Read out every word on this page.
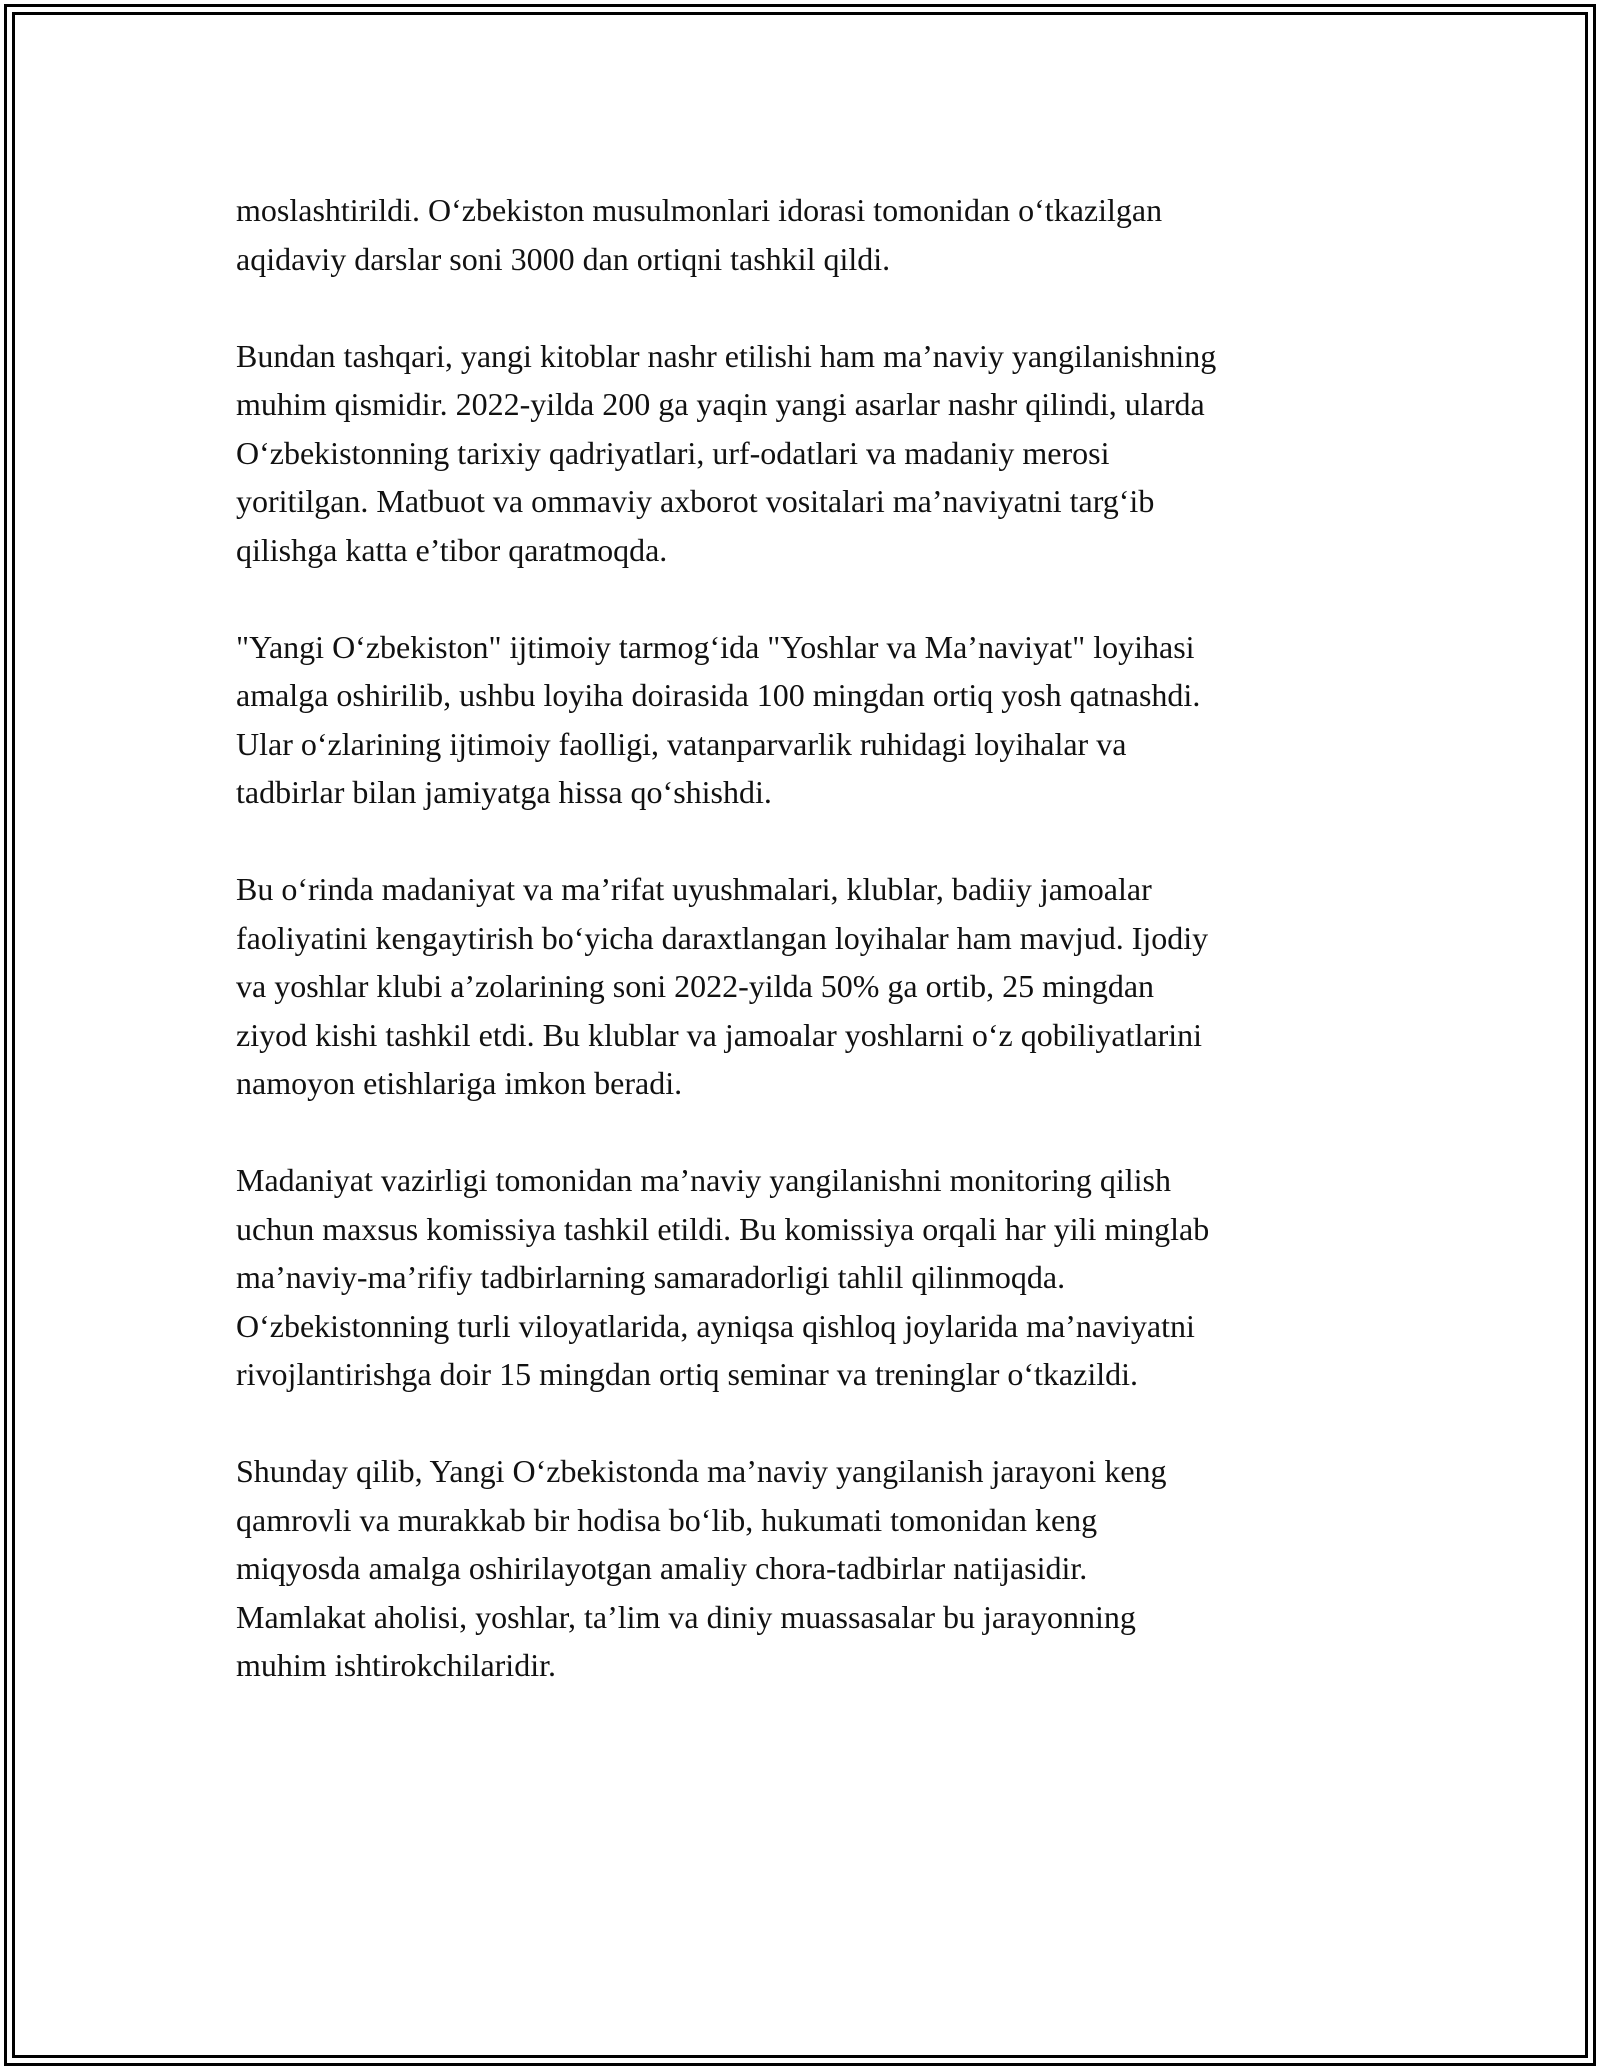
moslashtirildi. O‘zbekiston musulmonlari idorasi tomonidan o‘tkazilgan
aqidaviy darslar soni 3000 dan ortiqni tashkil qildi.

Bundan tashqari, yangi kitoblar nashr etilishi ham ma’naviy yangilanishning
muhim qismidir. 2022-yilda 200 ga yaqin yangi asarlar nashr qilindi, ularda
O‘zbekistonning tarixiy qadriyatlari, urf-odatlari va madaniy merosi
yoritilgan. Matbuot va ommaviy axborot vositalari ma’naviyatni targ‘ib
qilishga katta e’tibor qaratmoqda.

"Yangi O‘zbekiston" ijtimoiy tarmog‘ida "Yoshlar va Ma’naviyat" loyihasi
amalga oshirilib, ushbu loyiha doirasida 100 mingdan ortiq yosh qatnashdi.
Ular o‘zlarining ijtimoiy faolligi, vatanparvarlik ruhidagi loyihalar va
tadbirlar bilan jamiyatga hissa qo‘shishdi.

Bu o‘rinda madaniyat va ma’rifat uyushmalari, klublar, badiiy jamoalar
faoliyatini kengaytirish bo‘yicha daraxtlangan loyihalar ham mavjud. Ijodiy
va yoshlar klubi a’zolarining soni 2022-yilda 50% ga ortib, 25 mingdan
ziyod kishi tashkil etdi. Bu klublar va jamoalar yoshlarni o‘z qobiliyatlarini
namoyon etishlariga imkon beradi.

Madaniyat vazirligi tomonidan ma’naviy yangilanishni monitoring qilish
uchun maxsus komissiya tashkil etildi. Bu komissiya orqali har yili minglab
ma’naviy-ma’rifiy tadbirlarning samaradorligi tahlil qilinmoqda.
O‘zbekistonning turli viloyatlarida, ayniqsa qishloq joylarida ma’naviyatni
rivojlantirishga doir 15 mingdan ortiq seminar va treninglar o‘tkazildi.

Shunday qilib, Yangi O‘zbekistonda ma’naviy yangilanish jarayoni keng
qamrovli va murakkab bir hodisa bo‘lib, hukumati tomonidan keng
miqyosda amalga oshirilayotgan amaliy chora-tadbirlar natijasidir.
Mamlakat aholisi, yoshlar, ta’lim va diniy muassasalar bu jarayonning
muhim ishtirokchilaridir.
